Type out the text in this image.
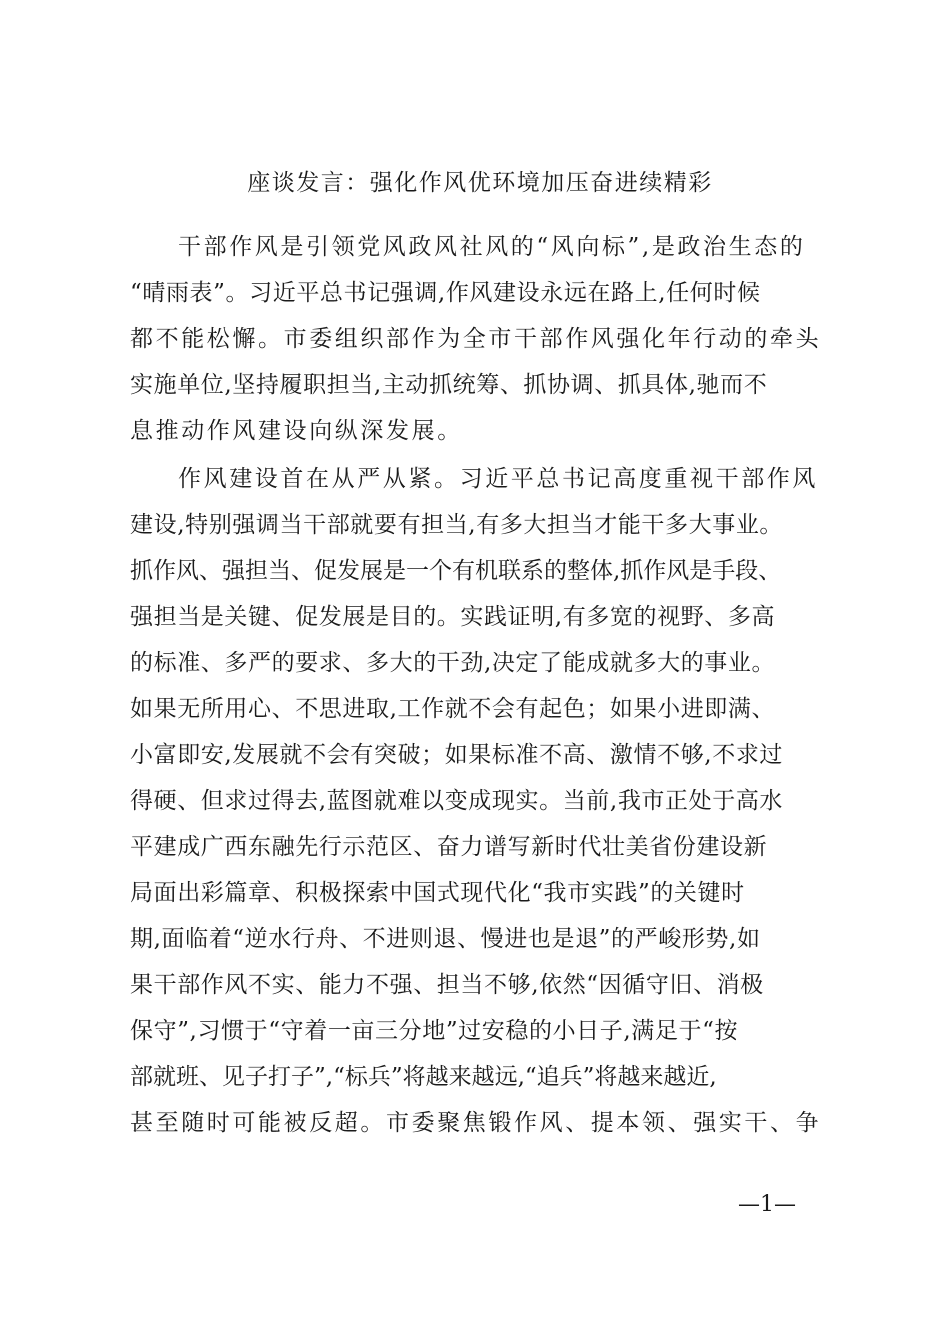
座谈发言：强化作风优环境加压奋进续精彩
干部作风是引领党风政风社风的“风向标”,是政治生态的
“晴雨表”。习近平总书记强调,作风建设永远在路上,任何时候
都不能松懈。市委组织部作为全市干部作风强化年行动的牵头
实施单位,坚持履职担当,主动抓统筹、抓协调、抓具体,驰而不
息推动作风建设向纵深发展。
作风建设首在从严从紧。习近平总书记高度重视干部作风
建设,特别强调当干部就要有担当,有多大担当才能干多大事业。
抓作风、强担当、促发展是一个有机联系的整体,抓作风是手段、
强担当是关键、促发展是目的。实践证明,有多宽的视野、多高
的标准、多严的要求、多大的干劲,决定了能成就多大的事业。
如果无所用心、不思进取,工作就不会有起色；如果小进即满、
小富即安,发展就不会有突破；如果标准不高、激情不够,不求过
得硬、但求过得去,蓝图就难以变成现实。当前,我市正处于高水
平建成广西东融先行示范区、奋力谱写新时代壮美省份建设新
局面出彩篇章、积极探索中国式现代化“我市实践”的关键时
期,面临着“逆水行舟、不进则退、慢进也是退”的严峻形势,如
果干部作风不实、能力不强、担当不够,依然“因循守旧、消极
保守”,习惯于“守着一亩三分地”过安稳的小日子,满足于“按
部就班、见子打子”,“标兵”将越来越远,“追兵”将越来越近,
甚至随时可能被反超。市委聚焦锻作风、提本领、强实干、争
—1—
